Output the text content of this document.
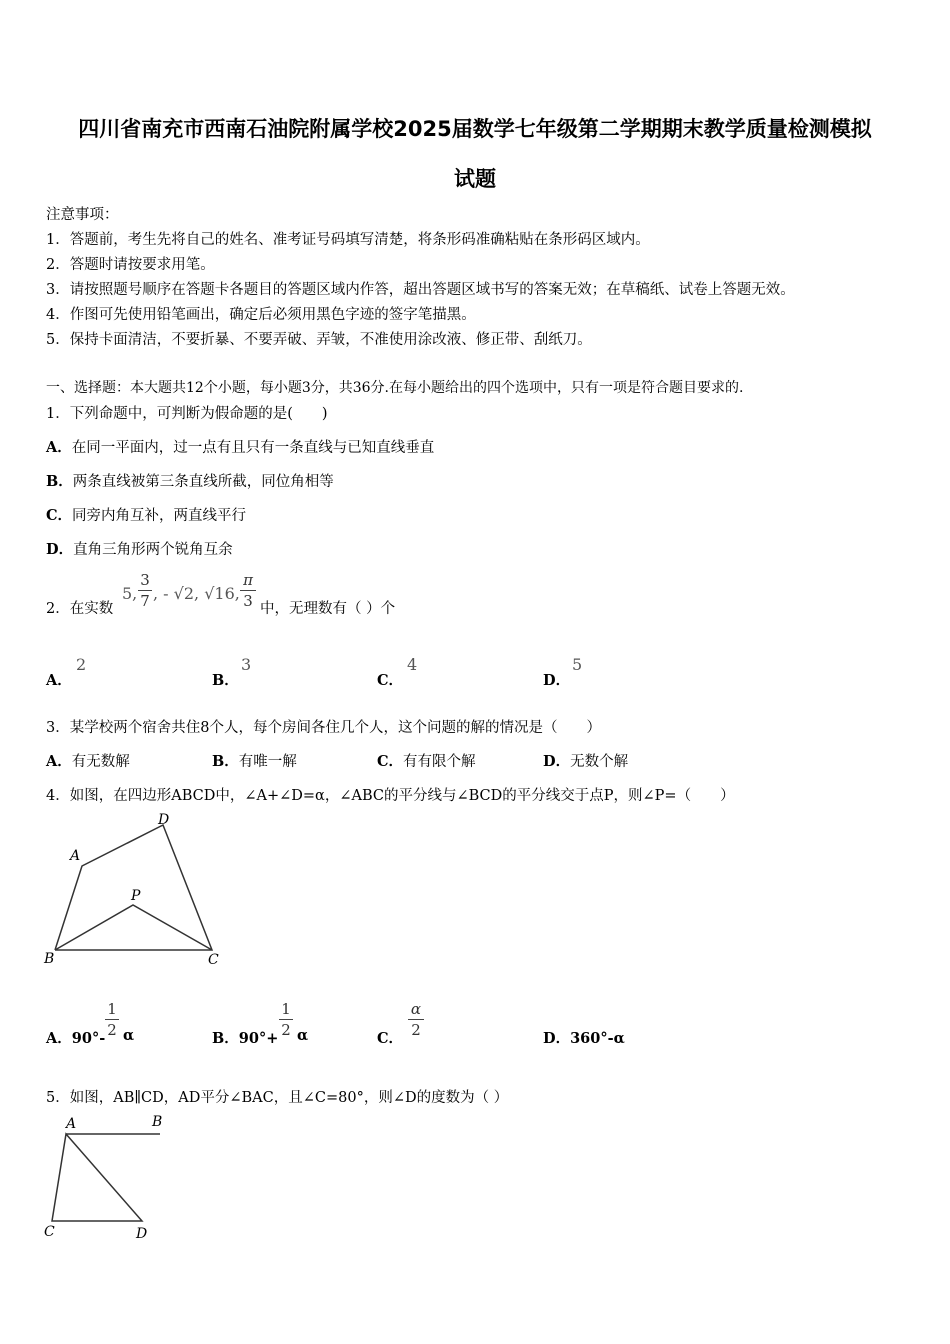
四川省南充市西南石油院附属学校2025届数学七年级第二学期期末教学质量检测模拟
试题
注意事项：
1．答题前，考生先将自己的姓名、准考证号码填写清楚，将条形码准确粘贴在条形码区域内。
2．答题时请按要求用笔。
3．请按照题号顺序在答题卡各题目的答题区域内作答，超出答题区域书写的答案无效；在草稿纸、试卷上答题无效。
4．作图可先使用铅笔画出，确定后必须用黑色字迹的签字笔描黑。
5．保持卡面清洁，不要折暴、不要弄破、弄皱，不准使用涂改液、修正带、刮纸刀。
一、选择题：本大题共12个小题，每小题3分，共36分.在每小题给出的四个选项中，只有一项是符合题目要求的.
1．下列命题中，可判断为假命题的是(　　)
A．在同一平面内，过一点有且只有一条直线与已知直线垂直
B．两条直线被第三条直线所截，同位角相等
C．同旁内角互补，两直线平行
D．直角三角形两个锐角互余
2．在实数
5,
3
7 , - √2, √16,
π
3 中，无理数有（ ）个
A．
2
B．
3
C．
4
D．
5
3．某学校两个宿舍共住8个人，每个房间各住几个人，这个问题的解的情况是（　　）
A．有无数解	B．有唯一解	C．有有限个解	D．无数个解
4．如图，在四边形ABCD中，∠A+∠D=α，∠ABC的平分线与∠BCD的平分线交于点P，则∠P=（　　）
A
D
P
B	C
A．90°-
1
2 α	B．90°+
1
2 α	C．
α
2	D．360°-α
5．如图，AB∥CD，AD平分∠BAC，且∠C=80°，则∠D的度数为（ ）
A	B
C	D
